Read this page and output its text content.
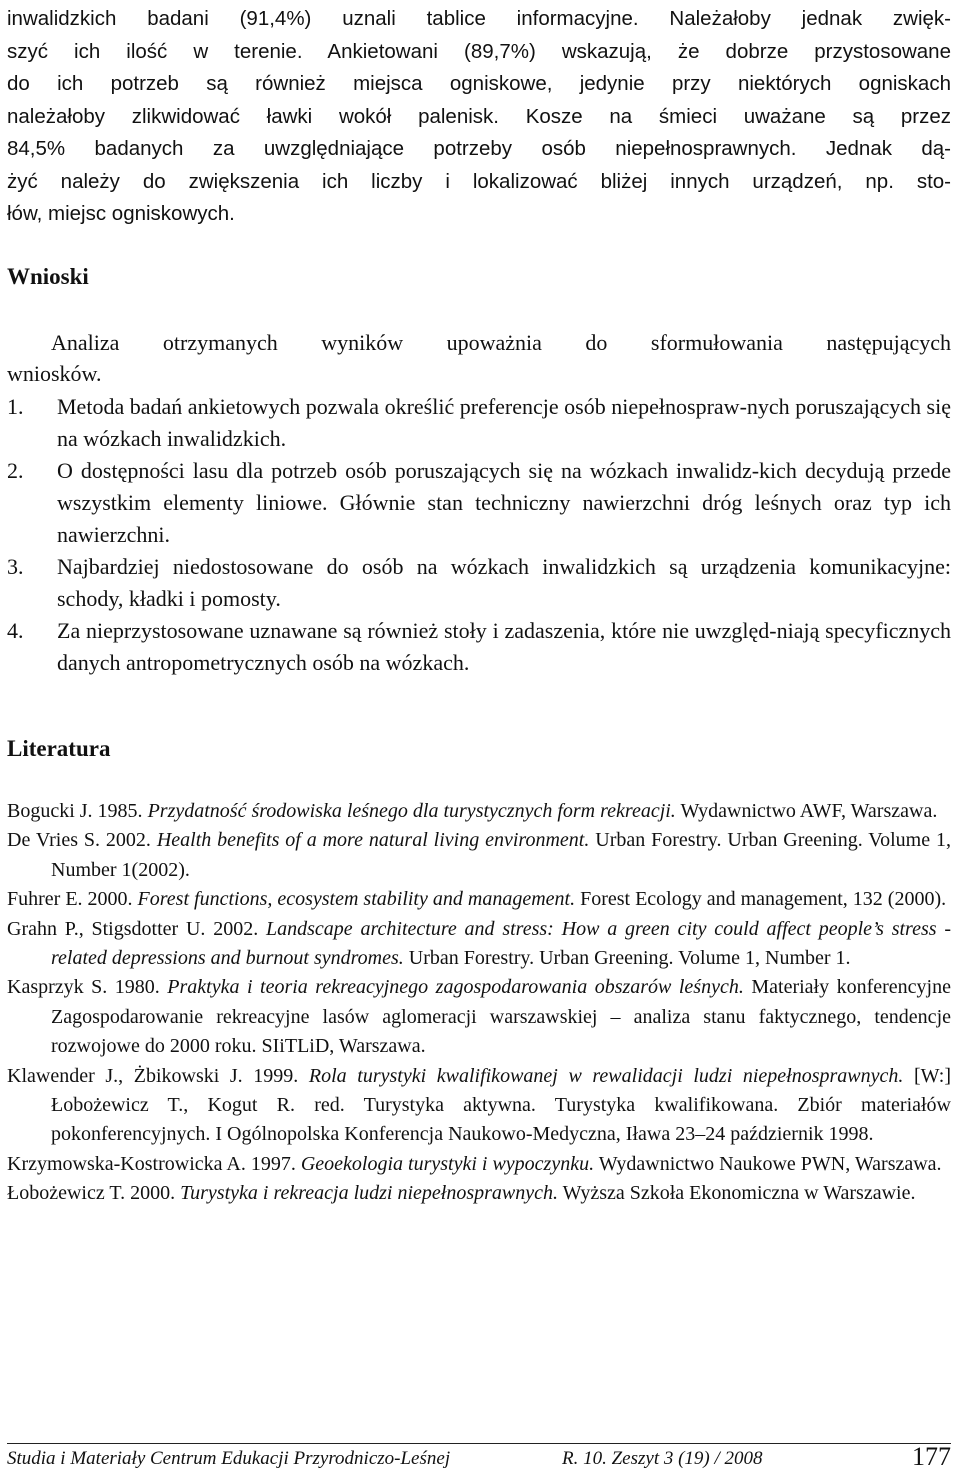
inwalidzkich badani (91,4%) uznali tablice informacyjne. Należałoby jednak zwięk-
szyć ich ilość w terenie. Ankietowani (89,7%) wskazują, że dobrze przystosowane
do ich potrzeb są również miejsca ogniskowe, jedynie przy niektórych ogniskach
należałoby zlikwidować ławki wokół palenisk. Kosze na śmieci uważane są przez
84,5% badanych za uwzględniające potrzeby osób niepełnosprawnych. Jednak dą-
żyć należy do zwiększenia ich liczby i lokalizować bliżej innych urządzeń, np. sto-
łów, miejsc ogniskowych.
Wnioski
Analiza otrzymanych wyników upoważnia do sformułowania następujących
wniosków.
1. Metoda badań ankietowych pozwala określić preferencje osób niepełnospraw-nych poruszających się na wózkach inwalidzkich.
2. O dostępności lasu dla potrzeb osób poruszających się na wózkach inwalidz-kich decydują przede wszystkim elementy liniowe. Głównie stan techniczny nawierzchni dróg leśnych oraz typ ich nawierzchni.
3. Najbardziej niedostosowane do osób na wózkach inwalidzkich są urządzenia komunikacyjne: schody, kładki i pomosty.
4. Za nieprzystosowane uznawane są również stoły i zadaszenia, które nie uwzględ-niają specyficznych danych antropometrycznych osób na wózkach.
Literatura
Bogucki J. 1985. Przydatność środowiska leśnego dla turystycznych form rekreacji. Wydawnictwo AWF, Warszawa.
De Vries S. 2002. Health benefits of a more natural living environment. Urban Forestry. Urban Greening. Volume 1, Number 1(2002).
Fuhrer E. 2000. Forest functions, ecosystem stability and management. Forest Ecology and management, 132 (2000).
Grahn P., Stigsdotter U. 2002. Landscape architecture and stress: How a green city could affect people’s stress -related depressions and burnout syndromes. Urban Forestry. Urban Greening. Volume 1, Number 1.
Kasprzyk S. 1980. Praktyka i teoria rekreacyjnego zagospodarowania obszarów leśnych. Materiały konferencyjne Zagospodarowanie rekreacyjne lasów aglomeracji warszawskiej – analiza stanu faktycznego, tendencje rozwojowe do 2000 roku. SIiTLiD, Warszawa.
Klawender J., Żbikowski J. 1999. Rola turystyki kwalifikowanej w rewalidacji ludzi niepełnosprawnych. [W:] Łobożewicz T., Kogut R. red. Turystyka aktywna. Turystyka kwalifikowana. Zbiór materiałów pokonferencyjnych. I Ogólnopolska Konferencja Naukowo-Medyczna, Iława 23–24 październik 1998.
Krzymowska-Kostrowicka A. 1997. Geoekologia turystyki i wypoczynku. Wydawnictwo Naukowe PWN, Warszawa.
Łobożewicz T. 2000. Turystyka i rekreacja ludzi niepełnosprawnych. Wyższa Szkoła Ekonomiczna w Warszawie.
Studia i Materiały Centrum Edukacji Przyrodniczo-Leśnej	R. 10. Zeszyt 3 (19) / 2008	177
